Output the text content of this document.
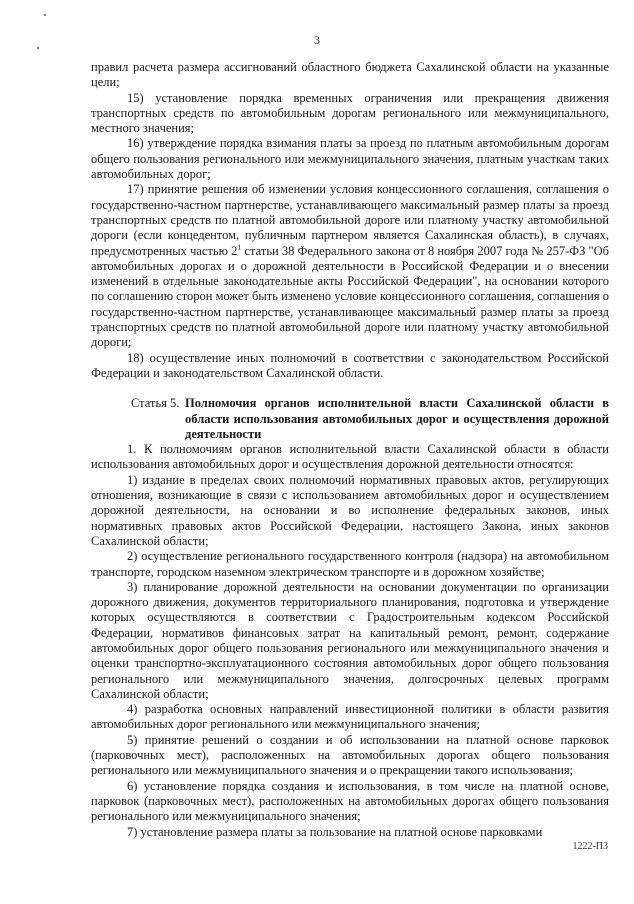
3

правил расчета размера ассигнований областного бюджета Сахалинской области на указанные цели;

15) установление порядка временных ограничения или прекращения движения транспортных средств по автомобильным дорогам регионального или межмуниципального, местного значения;

16) утверждение порядка взимания платы за проезд по платным автомобильным дорогам общего пользования регионального или межмуниципального значения, платным участкам таких автомобильных дорог;

17) принятие решения об изменении условия концессионного соглашения, соглашения о государственно-частном партнерстве, устанавливающего максимальный размер платы за проезд транспортных средств по платной автомобильной дороге или платному участку автомобильной дороги (если концедентом, публичным партнером является Сахалинская область), в случаях, предусмотренных частью $2^1$ статьи 38 Федерального закона от 8 ноября 2007 года № 257-ФЗ "Об автомобильных дорогах и о дорожной деятельности в Российской Федерации и о внесении изменений в отдельные законодательные акты Российской Федерации", на основании которого по соглашению сторон может быть изменено условие концессионного соглашения, соглашения о государственно-частном партнерстве, устанавливающее максимальный размер платы за проезд транспортных средств по платной автомобильной дороге или платному участку автомобильной дороги;

18) осуществление иных полномочий в соответствии с законодательством Российской Федерации и законодательством Сахалинской области.

Статья 5. Полномочия органов исполнительной власти Сахалинской области в области использования автомобильных дорог и осуществления дорожной деятельности

1. К полномочиям органов исполнительной власти Сахалинской области в области использования автомобильных дорог и осуществления дорожной деятельности относятся:

1) издание в пределах своих полномочий нормативных правовых актов, регулирующих отношения, возникающие в связи с использованием автомобильных дорог и осуществлением дорожной деятельности, на основании и во исполнение федеральных законов, иных нормативных правовых актов Российской Федерации, настоящего Закона, иных законов Сахалинской области;

2) осуществление регионального государственного контроля (надзора) на автомобильном транспорте, городском наземном электрическом транспорте и в дорожном хозяйстве;

3) планирование дорожной деятельности на основании документации по организации дорожного движения, документов территориального планирования, подготовка и утверждение которых осуществляются в соответствии с Градостроительным кодексом Российской Федерации, нормативов финансовых затрат на капитальный ремонт, ремонт, содержание автомобильных дорог общего пользования регионального или межмуниципального значения и оценки транспортно-эксплуатационного состояния автомобильных дорог общего пользования регионального или межмуниципального значения, долгосрочных целевых программ Сахалинской области;

4) разработка основных направлений инвестиционной политики в области развития автомобильных дорог регионального или межмуниципального значения;

5) принятие решений о создании и об использовании на платной основе парковок (парковочных мест), расположенных на автомобильных дорогах общего пользования регионального или межмуниципального значения и о прекращении такого использования;

6) установление порядка создания и использования, в том числе на платной основе, парковок (парковочных мест), расположенных на автомобильных дорогах общего пользования регионального или межмуниципального значения;

7) установление размера платы за пользование на платной основе парковками

1222-ПЗ
